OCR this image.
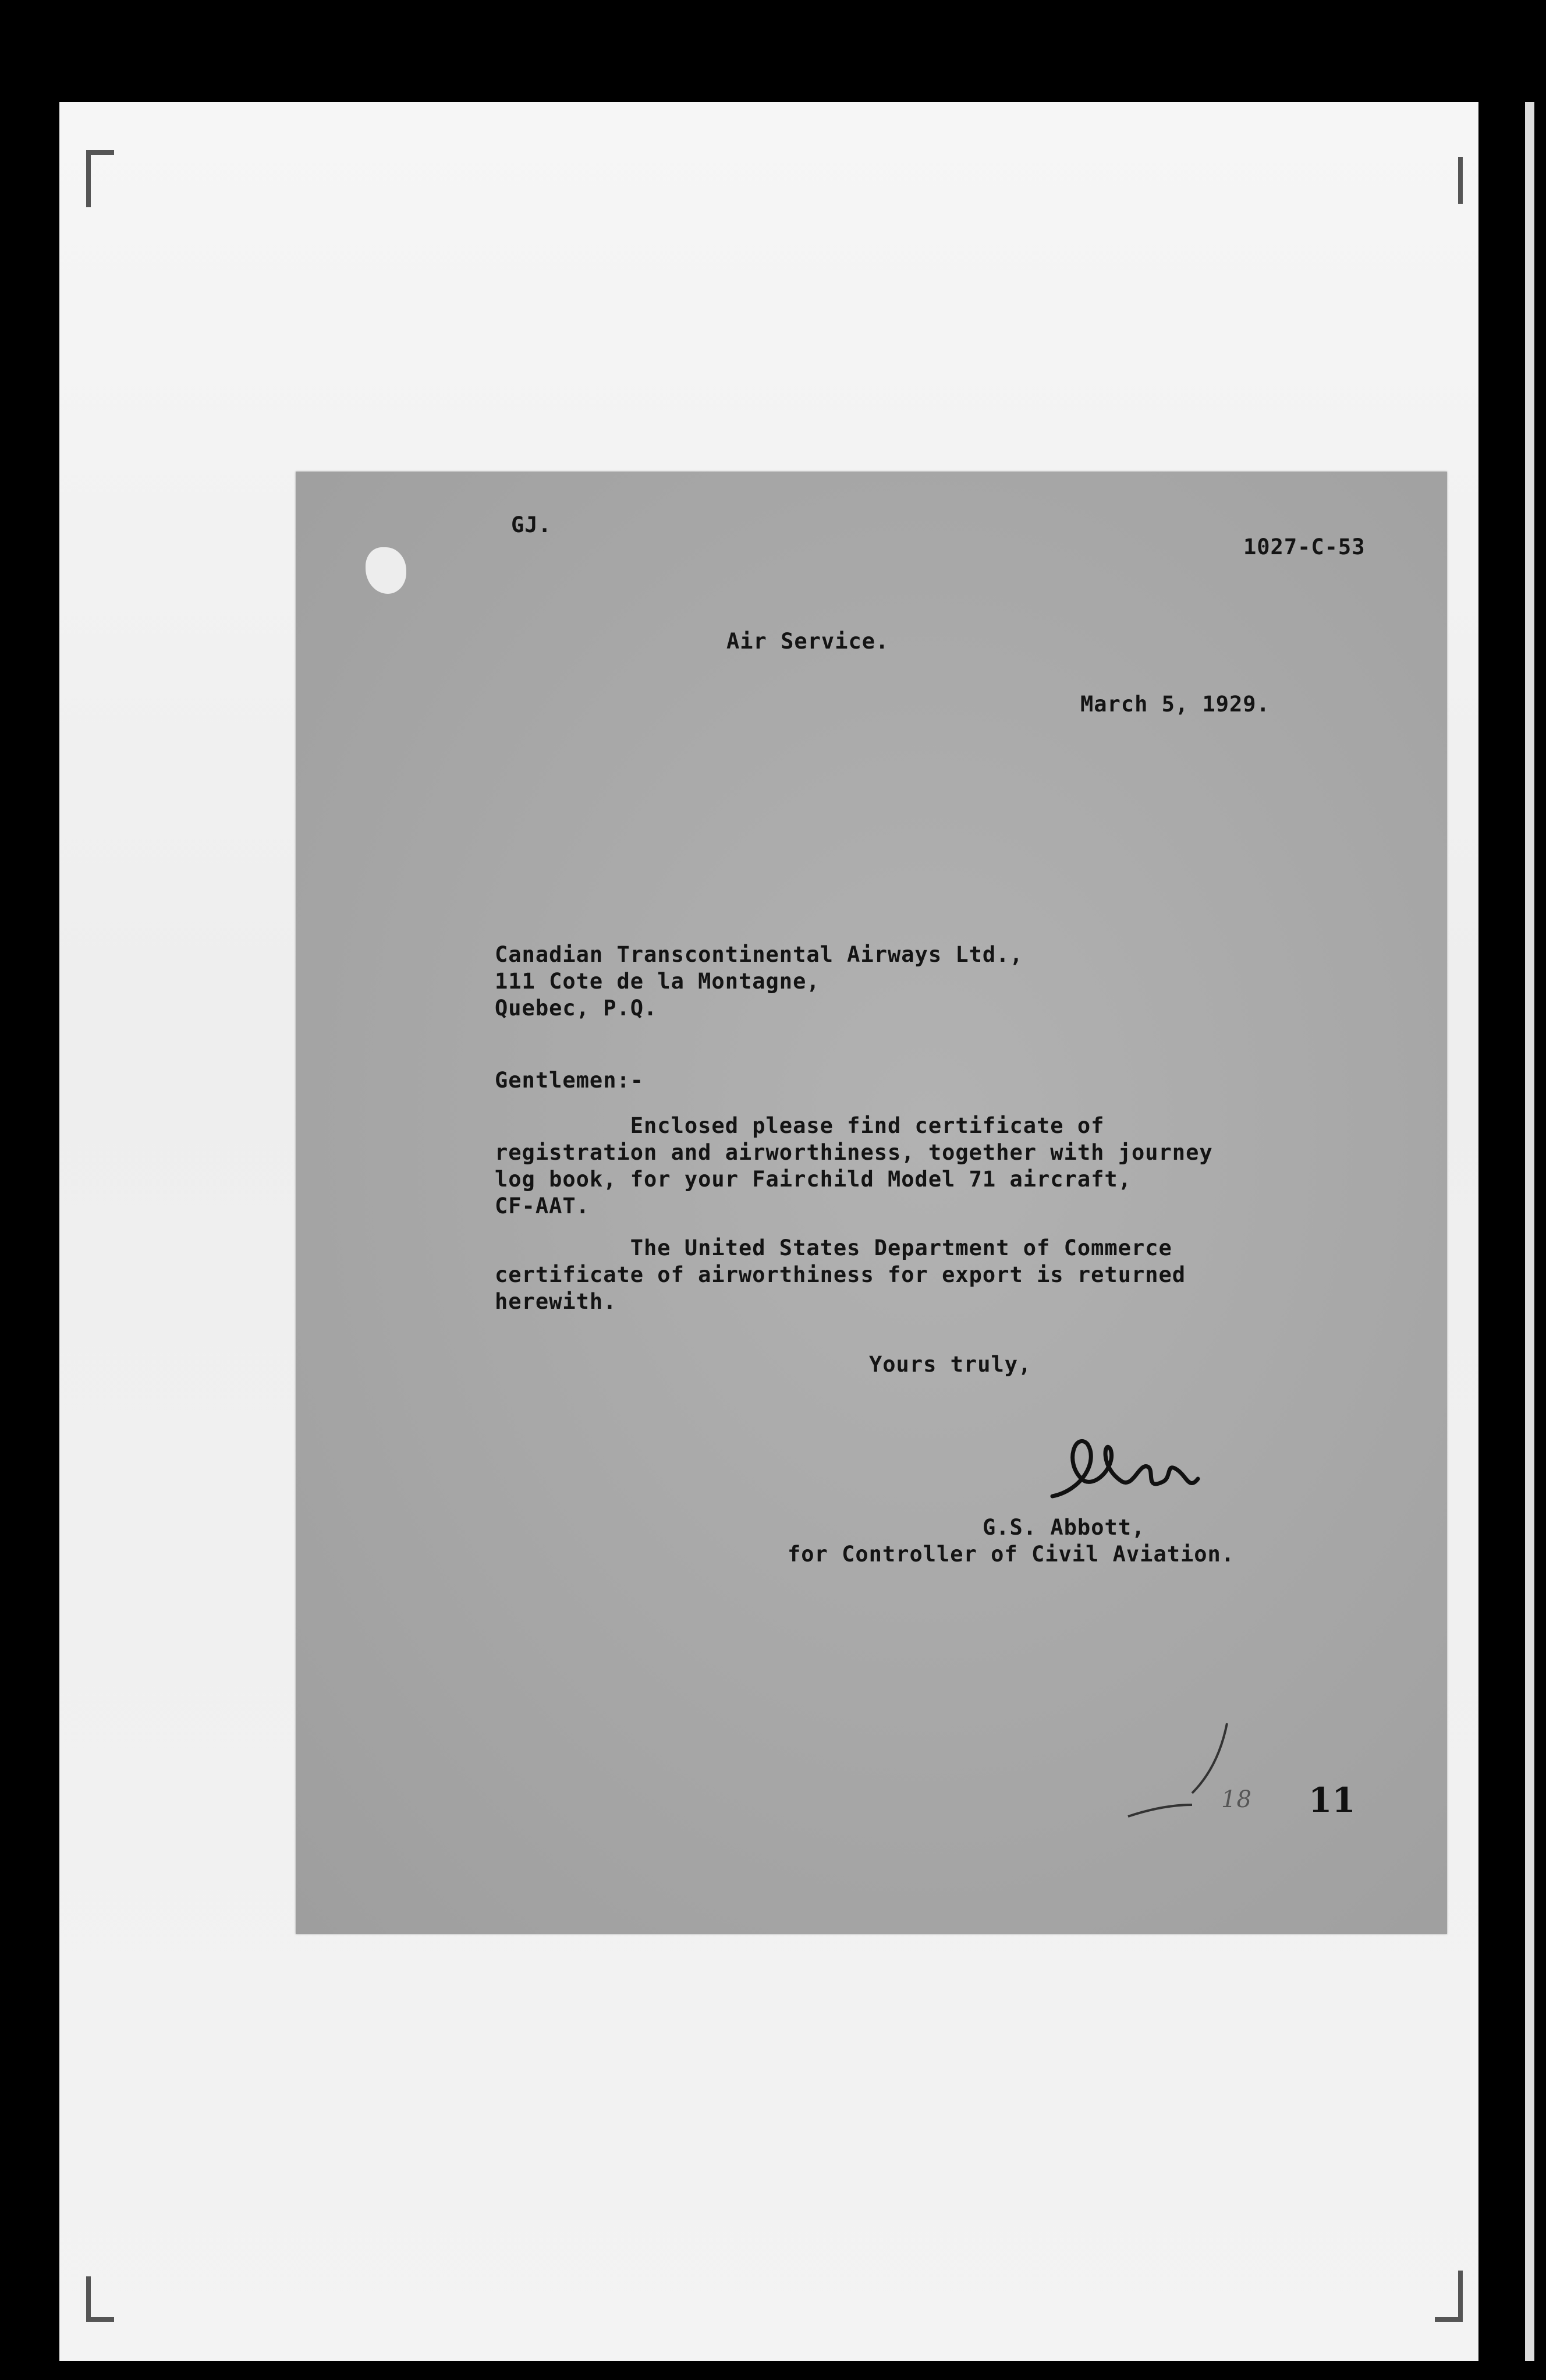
GJ.
1027-C-53
Air Service.
March 5, 1929.
Canadian Transcontinental Airways Ltd.,
111 Cote de la Montagne,
Quebec, P.Q.
Gentlemen:-
Enclosed please find certificate of
registration and airworthiness, together with journey
log book, for your Fairchild Model 71 aircraft,
CF-AAT.
The United States Department of Commerce
certificate of airworthiness for export is returned
herewith.
Yours truly,
G.S. Abbott,
for Controller of Civil Aviation.
18 11
